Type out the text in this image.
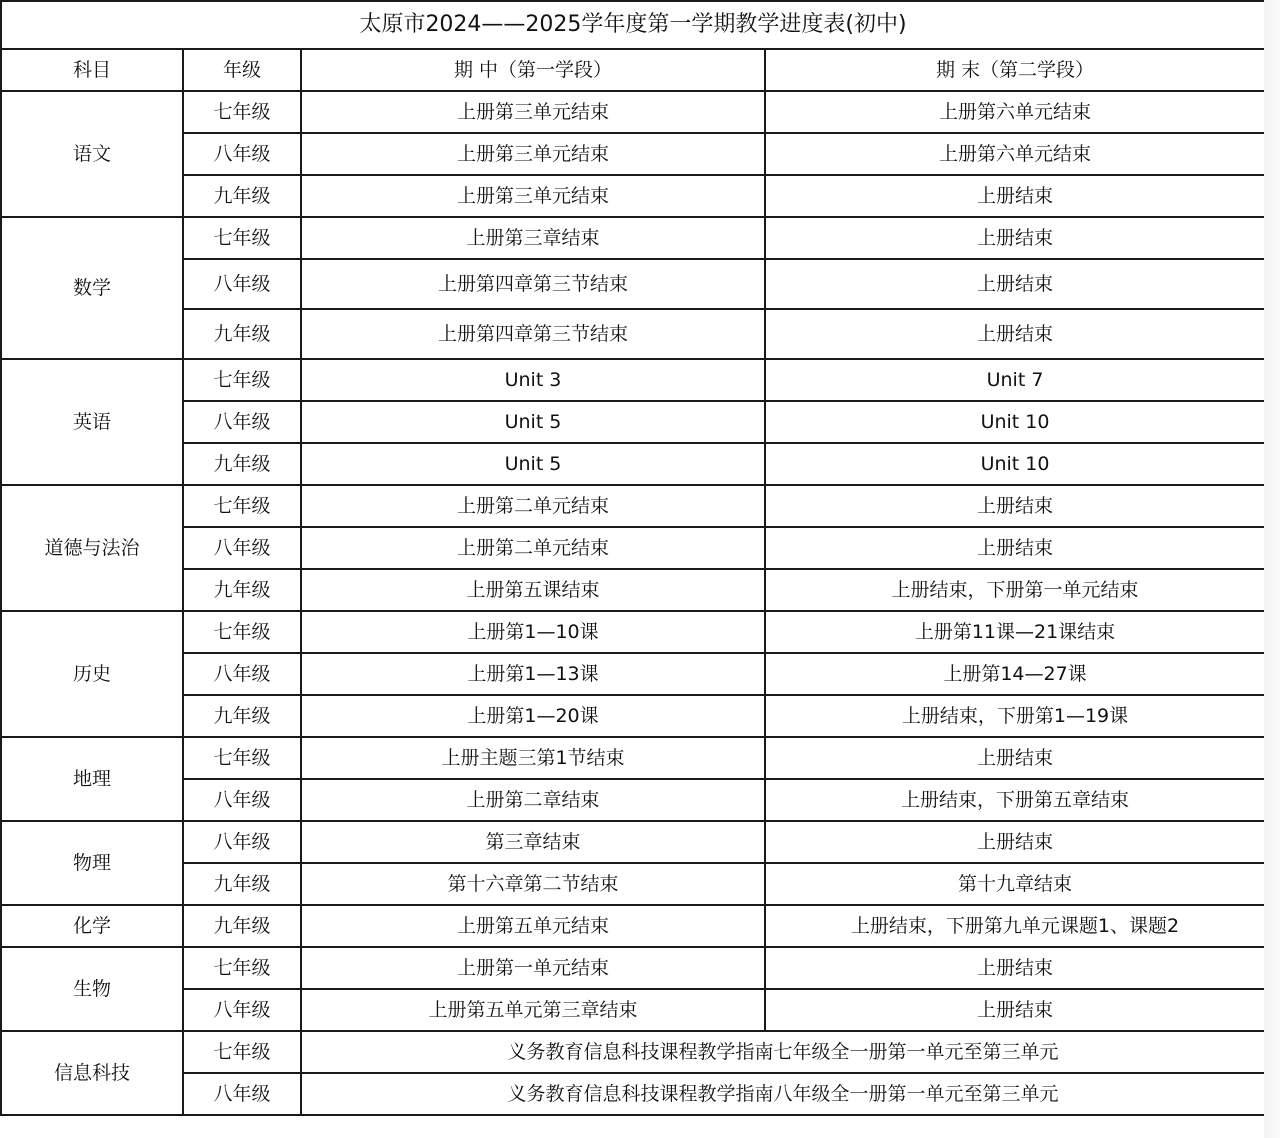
太原市2024——2025学年度第一学期教学进度表(初中)			
科目	年级	期 中（第一学段）	期 末（第二学段）
语文	七年级	上册第三单元结束	上册第六单元结束
	八年级	上册第三单元结束	上册第六单元结束
	九年级	上册第三单元结束	上册结束
数学	七年级	上册第三章结束	上册结束
	八年级	上册第四章第三节结束	上册结束
	九年级	上册第四章第三节结束	上册结束
英语	七年级	Unit 3	Unit 7
	八年级	Unit 5	Unit 10
	九年级	Unit 5	Unit 10
道德与法治	七年级	上册第二单元结束	上册结束
	八年级	上册第二单元结束	上册结束
	九年级	上册第五课结束	上册结束，下册第一单元结束
历史	七年级	上册第1—10课	上册第11课—21课结束
	八年级	上册第1—13课	上册第14—27课
	九年级	上册第1—20课	上册结束，下册第1—19课
地理	七年级	上册主题三第1节结束	上册结束
	八年级	上册第二章结束	上册结束，下册第五章结束
物理	八年级	第三章结束	上册结束
	九年级	第十六章第二节结束	第十九章结束
化学	九年级	上册第五单元结束	上册结束，下册第九单元课题1、课题2
生物	七年级	上册第一单元结束	上册结束
	八年级	上册第五单元第三章结束	上册结束
信息科技	七年级	义务教育信息科技课程教学指南七年级全一册第一单元至第三单元	
	八年级	义务教育信息科技课程教学指南八年级全一册第一单元至第三单元	
